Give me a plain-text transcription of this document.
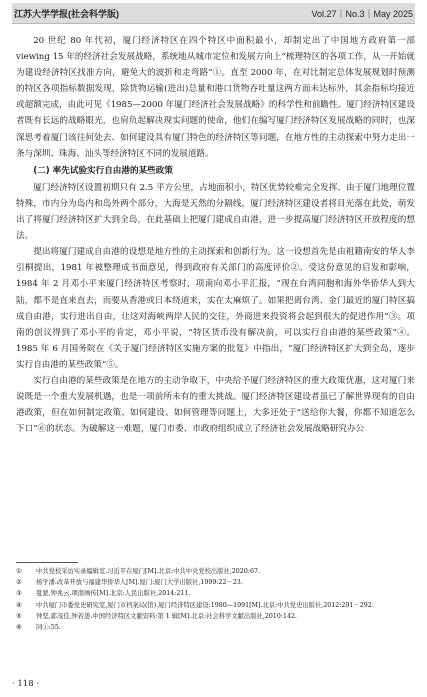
江苏大学学报(社会科学版)	Vol.27｜No.3｜May 2025

20 世纪 80 年代初，厦门经济特区在四个特区中面积最小，却制定出了中国地方政府第一部viewing 15 年的经济社会发展战略，系统地从城市定位和发展方向上“梳理特区的各项工作，从一开始就为建设经济特区找准方向，避免大的波折和走弯路”①。直至 2000 年，在对比制定总体发展规划时预测的特区各项指标数据发现，除货物运输(进出)总量和港口货物吞吐量这两方面未达标外，其余指标均接近或超额完成，由此可见《1985—2000 年厦门经济社会发展战略》的科学性和前瞻性。厦门经济特区建设者既有长远的战略眼光，也肩负起解决现实问题的使命，他们在编写厦门经济特区发展战略的同时，也深深思考着厦门该往何处去、如何建设具有厦门特色的经济特区等问题，在地方性的主动探索中努力走出一条与深圳、珠海、汕头等经济特区不同的发展道路。

(二) 率先试验实行自由港的某些政策

厦门经济特区设置初期只有 2.5 平方公里，占地面积小，特区优势较难完全发挥。由于厦门地理位置特殊，市内分为岛内和岛外两个部分，大海是天然的分隔线，厦门经济特区建设者将目光落在此处，萌发出了将厦门经济特区扩大到全岛，在此基础上把厦门建成自由港，进一步提高厦门经济特区开放程度的想法。

提出将厦门建成自由港的设想是地方性的主动探索和创新行为。这一设想首先是由祖籍南安的华人李引桐提出，1981 年被整理成书面意见，得到政府有关部门的高度评价②。受这份意见的启发和影响，1984 年 2 月邓小平来厦门经济特区考察时，项南向邓小平汇报，“现在台湾同胞和海外华侨华人到大陆，都不是直来直去，而要从香港或日本绕道来，实在太麻烦了。如果把离台湾、金门最近的厦门特区搞成自由港，实行进出自由，让这对海峡两岸人民的交往，外商进来投资将会起到很大的促进作用”③。项南的创议得到了邓小平的肯定，邓小平说，“特区货币没有解决前，可以实行自由港的某些政策”④。1985 年 6 月国务院在《关于厦门经济特区实施方案的批复》中指出，“厦门经济特区扩大到全岛，逐步实行自由港的某些政策”⑤。

实行自由港的某些政策是在地方的主动争取下，中央给予厦门经济特区的重大政策优惠，这对厦门来说既是一个重大发展机遇，也是一项前所未有的重大挑战。厦门经济特区建设者虽已了解世界现有的自由港政策，但在如何制定政策、如何建设、如何管理等问题上，大多还处于“送给你大餐，你都不知道怎么下口”⑥的状态。为破解这一难题，厦门市委、市政府组织成立了经济社会发展战略研究办公

①	中共党校采访实录编辑室.习近平在厦门[M].北京:中共中央党校出版社,2020:67.
②	杨学潘.改革开放与福建华侨华人[M].厦门:厦门大学出版社,1999:22－23.
③	夏蒙,钟兆云.项南画传[M].北京:人民出版社,2014:211.
④	中共厦门市委党史研究室,厦门市档案局(馆).厦门经济特区建设:1980—1991[M].北京:中共党史出版社,2012:291－292.
⑤	钟坚,郭茂佳,钟若愚.中国经济特区文献资料:第 1 辑[M].北京:社会科学文献出版社,2010:142.
⑥	同①:55.
· 118 ·
